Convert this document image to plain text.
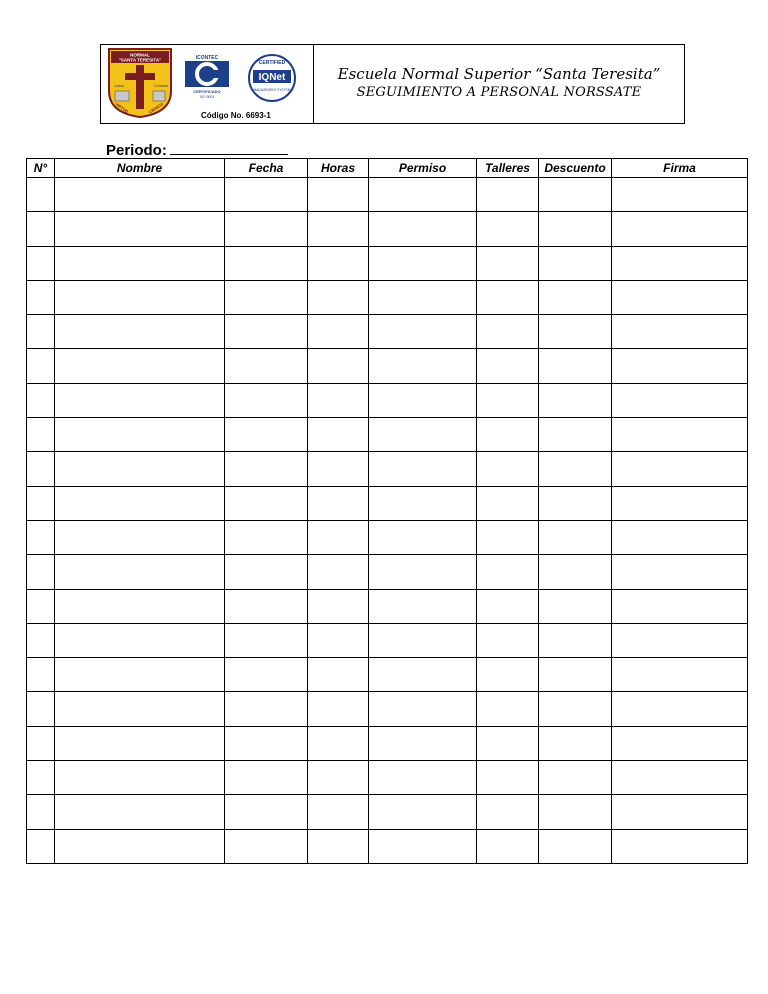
NORMAL
"SANTA TERESITA"
Lorica	Córdoba
VIRTUD	CIENCIA
ICONTEC
CERTIFICADO
ISO 9001
CERTIFIED
IQNet
MANAGEMENT SYSTEM
Código No. 6693-1
Escuela Normal Superior “Santa Teresita”
SEGUIMIENTO A PERSONAL NORSSATE
Periodo:
N°	Nombre	Fecha	Horas	Permiso	Talleres	Descuento	Firma
